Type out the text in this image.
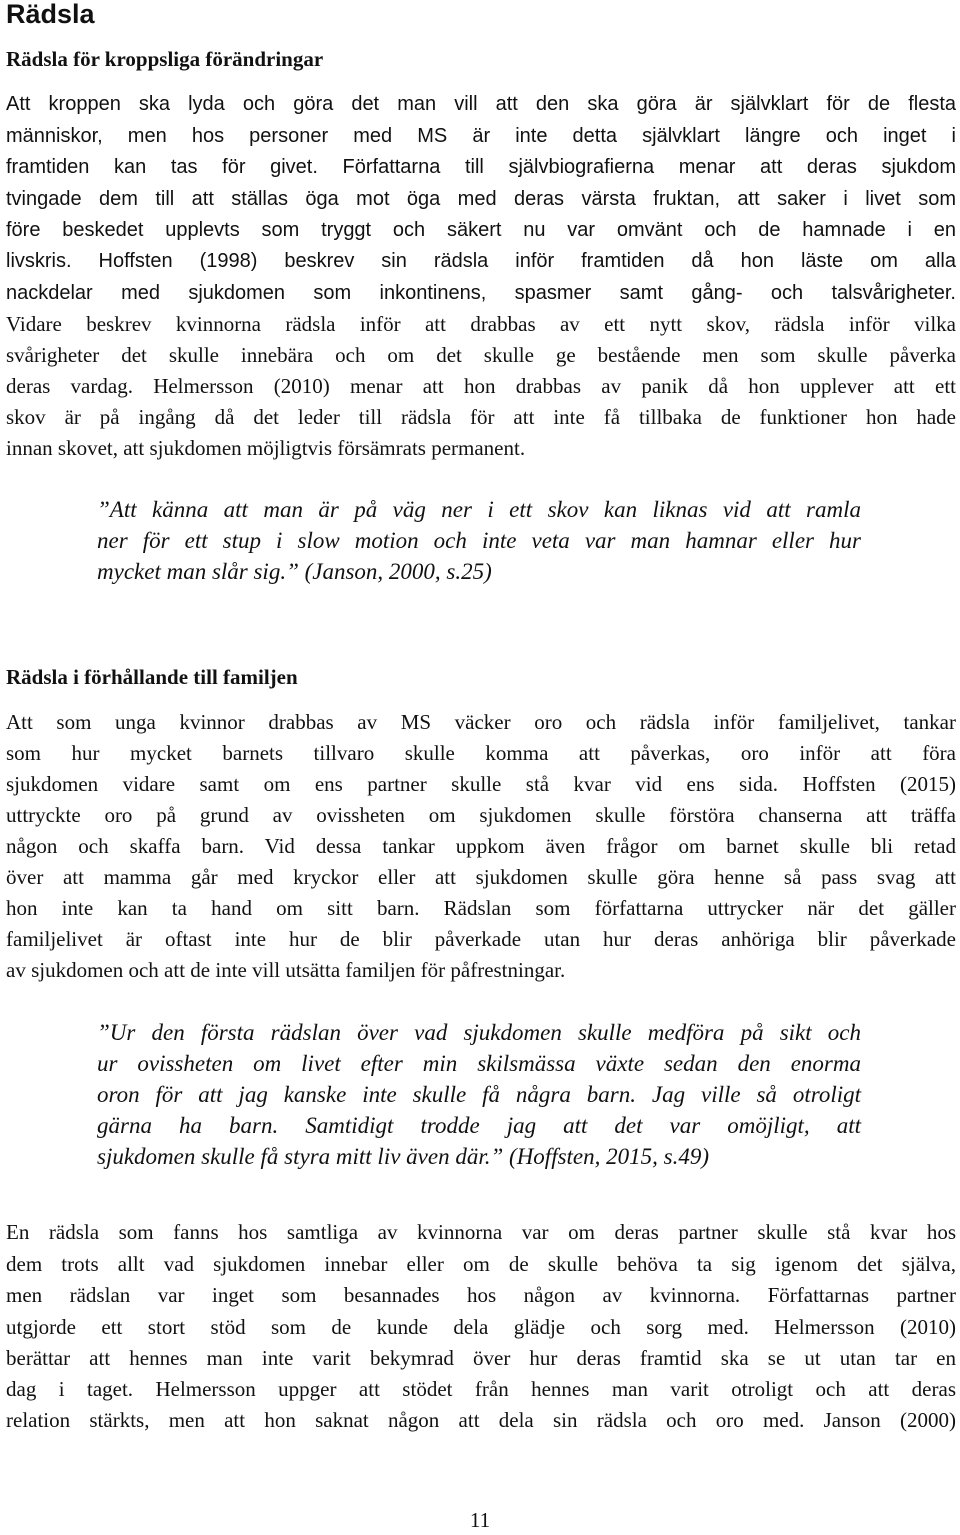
Rädsla
Rädsla för kroppsliga förändringar
Att kroppen ska lyda och göra det man vill att den ska göra är självklart för de flesta
människor, men hos personer med MS är inte detta självklart längre och inget i
framtiden kan tas för givet. Författarna till självbiografierna menar att deras sjukdom
tvingade dem till att ställas öga mot öga med deras värsta fruktan, att saker i livet som
före beskedet upplevts som tryggt och säkert nu var omvänt och de hamnade i en
livskris. Hoffsten (1998) beskrev sin rädsla inför framtiden då hon läste om alla
nackdelar med sjukdomen som inkontinens, spasmer samt gång- och talsvårigheter.
Vidare beskrev kvinnorna rädsla inför att drabbas av ett nytt skov, rädsla inför vilka
svårigheter det skulle innebära och om det skulle ge bestående men som skulle påverka
deras vardag. Helmersson (2010) menar att hon drabbas av panik då hon upplever att ett
skov är på ingång då det leder till rädsla för att inte få tillbaka de funktioner hon hade
innan skovet, att sjukdomen möjligtvis försämrats permanent.
”Att känna att man är på väg ner i ett skov kan liknas vid att ramla
ner för ett stup i slow motion och inte veta var man hamnar eller hur
mycket man slår sig.” (Janson, 2000, s.25)
Rädsla i förhållande till familjen
Att som unga kvinnor drabbas av MS väcker oro och rädsla inför familjelivet, tankar
som hur mycket barnets tillvaro skulle komma att påverkas, oro inför att föra
sjukdomen vidare samt om ens partner skulle stå kvar vid ens sida. Hoffsten (2015)
uttryckte oro på grund av ovissheten om sjukdomen skulle förstöra chanserna att träffa
någon och skaffa barn. Vid dessa tankar uppkom även frågor om barnet skulle bli retad
över att mamma går med kryckor eller att sjukdomen skulle göra henne så pass svag att
hon inte kan ta hand om sitt barn. Rädslan som författarna uttrycker när det gäller
familjelivet är oftast inte hur de blir påverkade utan hur deras anhöriga blir påverkade
av sjukdomen och att de inte vill utsätta familjen för påfrestningar.
”Ur den första rädslan över vad sjukdomen skulle medföra på sikt och
ur ovissheten om livet efter min skilsmässa växte sedan den enorma
oron för att jag kanske inte skulle få några barn. Jag ville så otroligt
gärna ha barn. Samtidigt trodde jag att det var omöjligt, att
sjukdomen skulle få styra mitt liv även där.” (Hoffsten, 2015, s.49)
En rädsla som fanns hos samtliga av kvinnorna var om deras partner skulle stå kvar hos
dem trots allt vad sjukdomen innebar eller om de skulle behöva ta sig igenom det själva,
men rädslan var inget som besannades hos någon av kvinnorna. Författarnas partner
utgjorde ett stort stöd som de kunde dela glädje och sorg med. Helmersson (2010)
berättar att hennes man inte varit bekymrad över hur deras framtid ska se ut utan tar en
dag i taget. Helmersson uppger att stödet från hennes man varit otroligt och att deras
relation stärkts, men att hon saknat någon att dela sin rädsla och oro med. Janson (2000)
11
